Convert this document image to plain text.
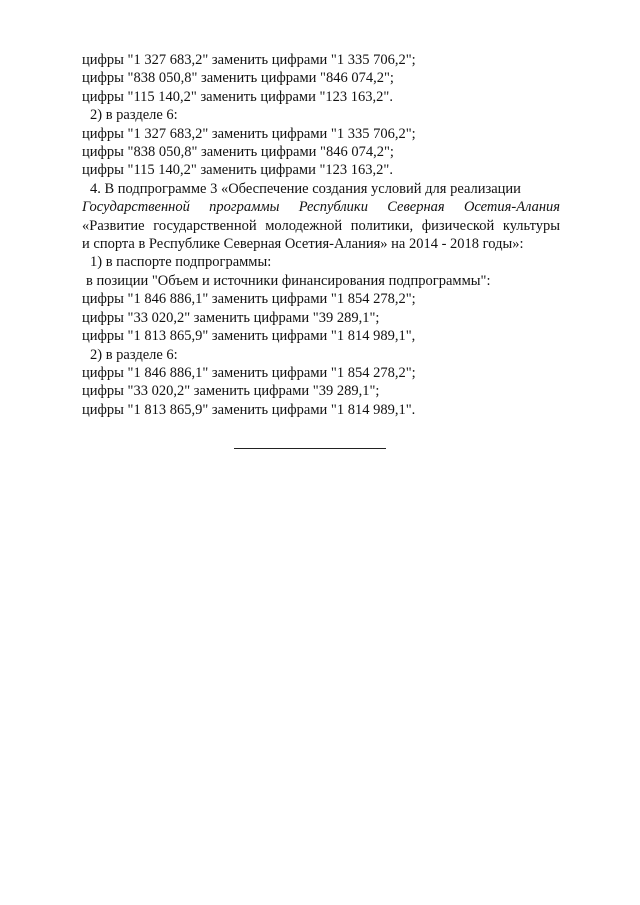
цифры "1 327 683,2" заменить цифрами "1 335 706,2";
цифры "838 050,8" заменить цифрами "846 074,2";
цифры "115 140,2" заменить цифрами "123 163,2".
2) в разделе 6:
цифры "1 327 683,2" заменить цифрами "1 335 706,2";
цифры "838 050,8" заменить цифрами "846 074,2";
цифры "115 140,2" заменить цифрами "123 163,2".
4. В подпрограмме 3 «Обеспечение создания условий для реализации
Государственной программы Республики Северная Осетия-Алания
«Развитие государственной молодежной политики, физической культуры
и спорта в Республике Северная Осетия-Алания» на 2014 - 2018 годы»:
1) в паспорте подпрограммы:
в позиции "Объем и источники финансирования подпрограммы":
цифры "1 846 886,1" заменить цифрами "1 854 278,2";
цифры "33 020,2" заменить цифрами "39 289,1";
цифры "1 813 865,9" заменить цифрами "1 814 989,1",
2) в разделе 6:
цифры "1 846 886,1" заменить цифрами "1 854 278,2";
цифры "33 020,2" заменить цифрами "39 289,1";
цифры "1 813 865,9" заменить цифрами "1 814 989,1".
